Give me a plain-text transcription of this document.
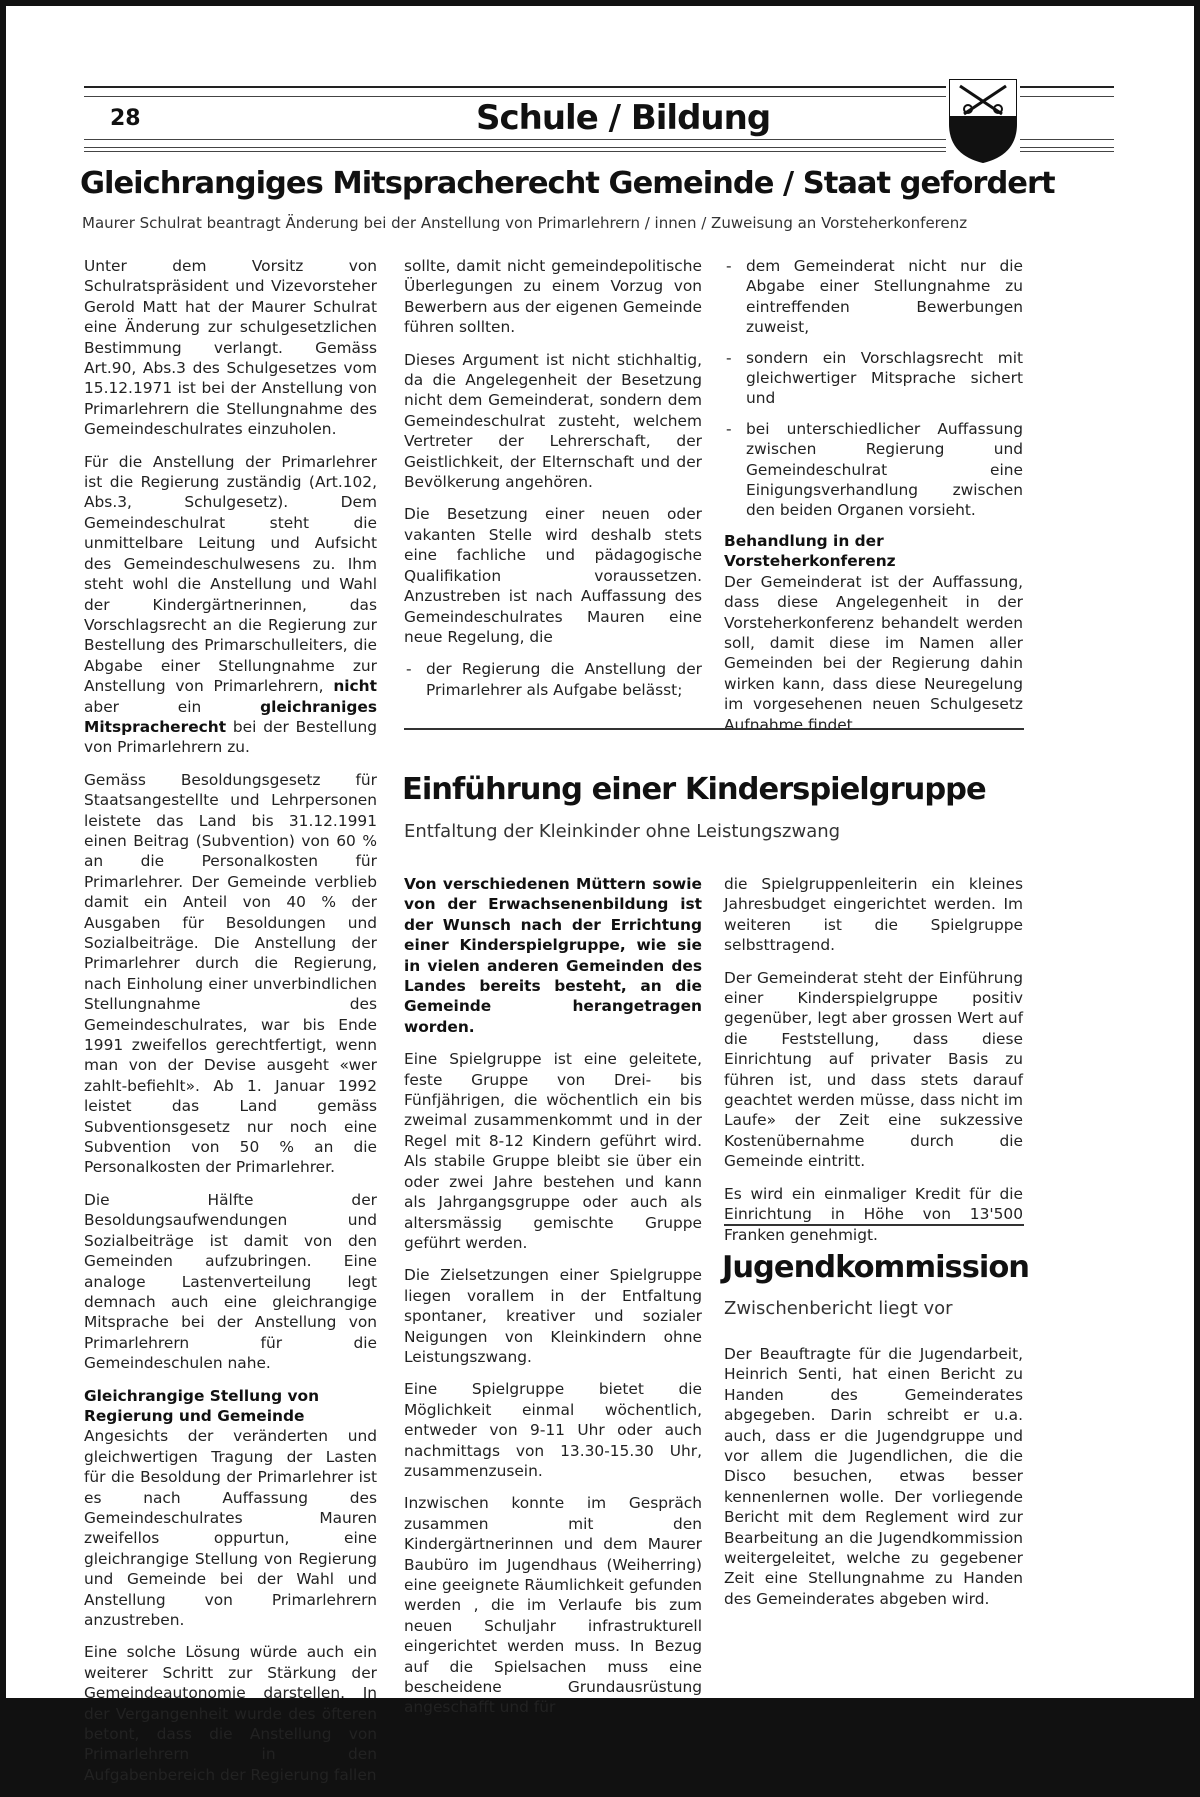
28	Schule / Bildung
Gleichrangiges Mitspracherecht Gemeinde / Staat gefordert
Maurer Schulrat beantragt Änderung bei der Anstellung von Primarlehrern / innen / Zuweisung an Vorsteherkonferenz

Unter dem Vorsitz von Schulratspräsident und Vizevorsteher Gerold Matt hat der Maurer Schulrat eine Änderung zur schulgesetzlichen Bestimmung verlangt. Gemäss Art.90, Abs.3 des Schulgesetzes vom 15.12.1971 ist bei der Anstellung von Primarlehrern die Stellungnahme des Gemeindeschulrates einzuholen.

Für die Anstellung der Primarlehrer ist die Regierung zuständig (Art.102, Abs.3, Schulgesetz). Dem Gemeindeschulrat steht die unmittelbare Leitung und Aufsicht des Gemeindeschulwesens zu. Ihm steht wohl die Anstellung und Wahl der Kindergärtnerinnen, das Vorschlagsrecht an die Regierung zur Bestellung des Primarschulleiters, die Abgabe einer Stellungnahme zur Anstellung von Primarlehrern, nicht aber ein	gleichraniges Mitspracherecht bei der Bestellung von Primarlehrern zu.

Gemäss Besoldungsgesetz für Staatsangestellte und Lehrpersonen leistete das Land bis 31.12.1991 einen Beitrag (Subvention) von 60 % an die Personalkosten für Primarlehrer. Der Gemeinde verblieb damit ein Anteil von 40 % der Ausgaben für Besoldungen und Sozialbeiträge. Die Anstellung der Primarlehrer durch die Regierung, nach Einholung einer unverbindlichen Stellungnahme des Gemeindeschulrates, war bis Ende 1991 zweifellos gerechtfertigt, wenn man von der Devise ausgeht «wer zahlt-befiehlt». Ab 1. Januar 1992 leistet das Land gemäss Subventionsgesetz nur noch eine Subvention von 50 % an die Personalkosten der Primarlehrer.

Die Hälfte der Besoldungsaufwendungen und Sozialbeiträge ist damit von den Gemeinden aufzubringen. Eine analoge Lastenverteilung legt demnach auch eine gleichrangige Mitsprache bei der Anstellung von Primarlehrern für die Gemeindeschulen nahe.

Gleichrangige Stellung von Regierung und Gemeinde

Angesichts der veränderten und gleichwertigen Tragung der Lasten für die Besoldung der Primarlehrer ist es nach Auffassung des Gemeindeschulrates Mauren zweifellos oppurtun, eine gleichrangige Stellung von Regierung und Gemeinde bei der Wahl und Anstellung von Primarlehrern anzustreben.

Eine solche Lösung würde auch ein weiterer Schritt zur Stärkung der Gemeindeautonomie darstellen. In der Vergangenheit wurde des öfteren betont, dass die Anstellung von Primarlehrern in den Aufgabenbereich der Regierung fallen

sollte, damit nicht gemeindepolitische Überlegungen zu einem Vorzug von Bewerbern aus der eigenen Gemeinde führen sollten.

Dieses Argument ist nicht stichhaltig, da die Angelegenheit der Besetzung nicht dem Gemeinderat, sondern dem Gemeindeschulrat zusteht, welchem Vertreter der Lehrerschaft, der Geistlichkeit, der Elternschaft und der Bevölkerung angehören.

Die Besetzung einer neuen oder vakanten Stelle wird deshalb stets eine fachliche und pädagogische Qualifikation voraussetzen. Anzustreben ist nach Auffassung des Gemeindeschulrates Mauren eine neue Regelung, die

- der Regierung die Anstellung der Primarlehrer als Aufgabe belässt;
- dem Gemeinderat nicht nur die Abgabe einer Stellungnahme zu eintreffenden Bewerbungen zuweist,
- sondern ein Vorschlagsrecht mit gleichwertiger Mitsprache sichert und
- bei unterschiedlicher Auffassung zwischen Regierung und Gemeindeschulrat eine Einigungsverhandlung zwischen den beiden Organen vorsieht.
Behandlung in der Vorsteherkonferenz

Der Gemeinderat ist der Auffassung, dass diese Angelegenheit in der Vorsteherkonferenz behandelt werden soll, damit diese im Namen aller Gemeinden bei der Regierung dahin wirken kann, dass diese Neuregelung im vorgesehenen neuen Schulgesetz Aufnahme findet.

Einführung einer Kinderspielgruppe
Entfaltung der Kleinkinder ohne Leistungszwang

Von verschiedenen Müttern sowie von der Erwachsenenbildung ist der Wunsch nach der Errichtung einer Kinderspielgruppe, wie sie in vielen anderen Gemeinden des Landes bereits besteht, an die Gemeinde herangetragen worden.

Eine Spielgruppe ist eine geleitete, feste Gruppe von Drei- bis Fünfjährigen, die wöchentlich ein bis zweimal zusammenkommt und in der Regel mit 8-12 Kindern geführt wird. Als stabile Gruppe bleibt sie über ein oder zwei Jahre bestehen und kann als Jahrgangsgruppe oder auch als altersmässig gemischte Gruppe geführt werden.

Die Zielsetzungen einer Spielgruppe liegen vorallem in der Entfaltung spontaner, kreativer und sozialer Neigungen von Kleinkindern ohne Leistungszwang.

Eine Spielgruppe bietet die Möglichkeit einmal wöchentlich, entweder von 9-11 Uhr oder auch nachmittags von 13.30-15.30 Uhr, zusammenzusein.

Inzwischen konnte im Gespräch zusammen mit den Kindergärtnerinnen und dem Maurer Baubüro im Jugendhaus (Weiherring) eine geeignete Räumlichkeit gefunden werden , die im Verlaufe bis zum neuen Schuljahr infrastrukturell eingerichtet werden muss. In Bezug auf die Spielsachen muss eine bescheidene Grundausrüstung angeschafft und für

die Spielgruppenleiterin ein kleines Jahresbudget eingerichtet werden. Im weiteren ist die Spielgruppe selbsttragend.

Der Gemeinderat steht der Einführung einer Kinderspielgruppe positiv gegenüber, legt aber grossen Wert auf die Feststellung, dass diese Einrichtung auf privater Basis zu führen ist, und dass stets darauf geachtet werden müsse, dass nicht im Laufe» der Zeit eine sukzessive Kostenübernahme durch die Gemeinde eintritt.

Es wird ein einmaliger Kredit für die Einrichtung in Höhe von 13'500 Franken genehmigt.

Jugendkommission
Zwischenbericht liegt vor

Der Beauftragte für die Jugendarbeit, Heinrich Senti, hat einen Bericht zu Handen des Gemeinderates abgegeben. Darin schreibt er u.a. auch, dass er die Jugendgruppe und vor allem die Jugendlichen, die die Disco besuchen, etwas besser kennenlernen wolle. Der vorliegende Bericht mit dem Reglement wird zur Bearbeitung an die Jugendkommission weitergeleitet, welche zu gegebener Zeit eine Stellungnahme zu Handen des Gemeinderates abgeben wird.
